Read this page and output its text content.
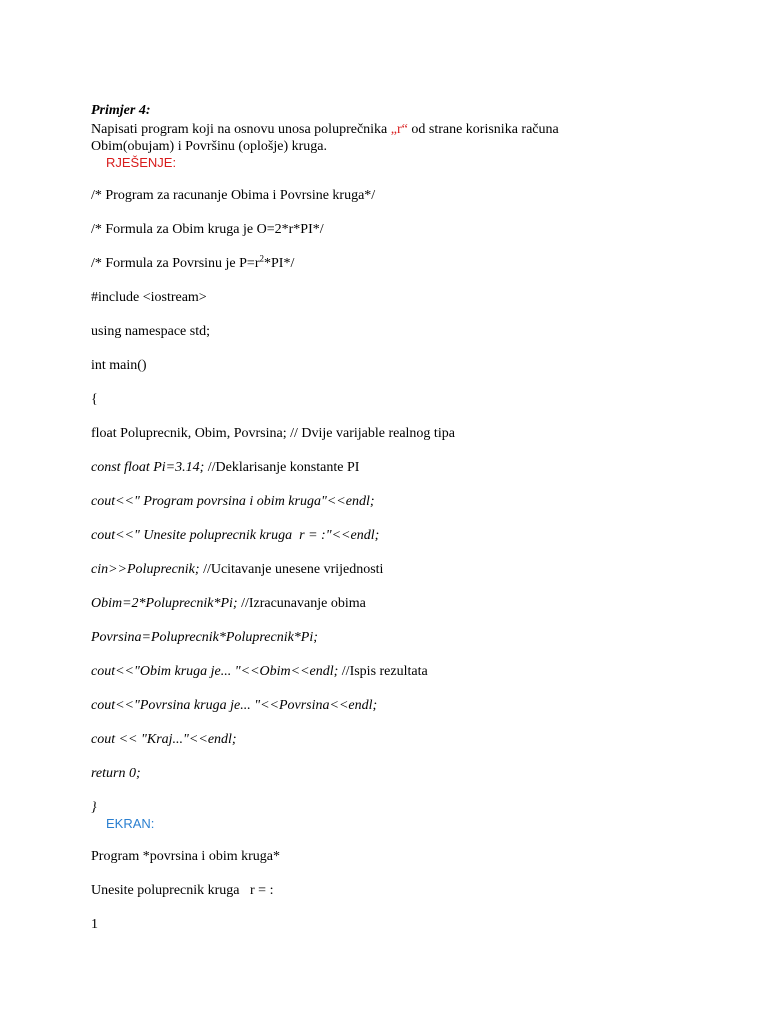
Primjer 4:
Napisati program koji na osnovu unosa poluprečnika „r“ od strane korisnika računa
Obim(obujam) i Površinu (oplošje) kruga.
RJEŠENJE:
/* Program za racunanje Obima i Povrsine kruga*/
/* Formula za Obim kruga je O=2*r*PI*/
/* Formula za Povrsinu je $P=r^2*PI*/$
#include <iostream>
using namespace std;
int main()
{
float Poluprecnik, Obim, Povrsina; // Dvije varijable realnog tipa
const float Pi=3.14; //Deklarisanje konstante PI
cout<<" Program povrsina i obim kruga"<<endl;
cout<<" Unesite poluprecnik kruga  r = :"<<endl;
cin>>Poluprecnik; //Ucitavanje unesene vrijednosti
Obim=2*Poluprecnik*Pi; //Izracunavanje obima
Povrsina=Poluprecnik*Poluprecnik*Pi;
cout<<"Obim kruga je... "<<Obim<<endl; //Ispis rezultata
cout<<"Povrsina kruga je... "<<Povrsina<<endl;
cout << "Kraj..."<<endl;
return 0;
}
EKRAN:
Program *povrsina i obim kruga*
Unesite poluprecnik kruga   r = :
1
